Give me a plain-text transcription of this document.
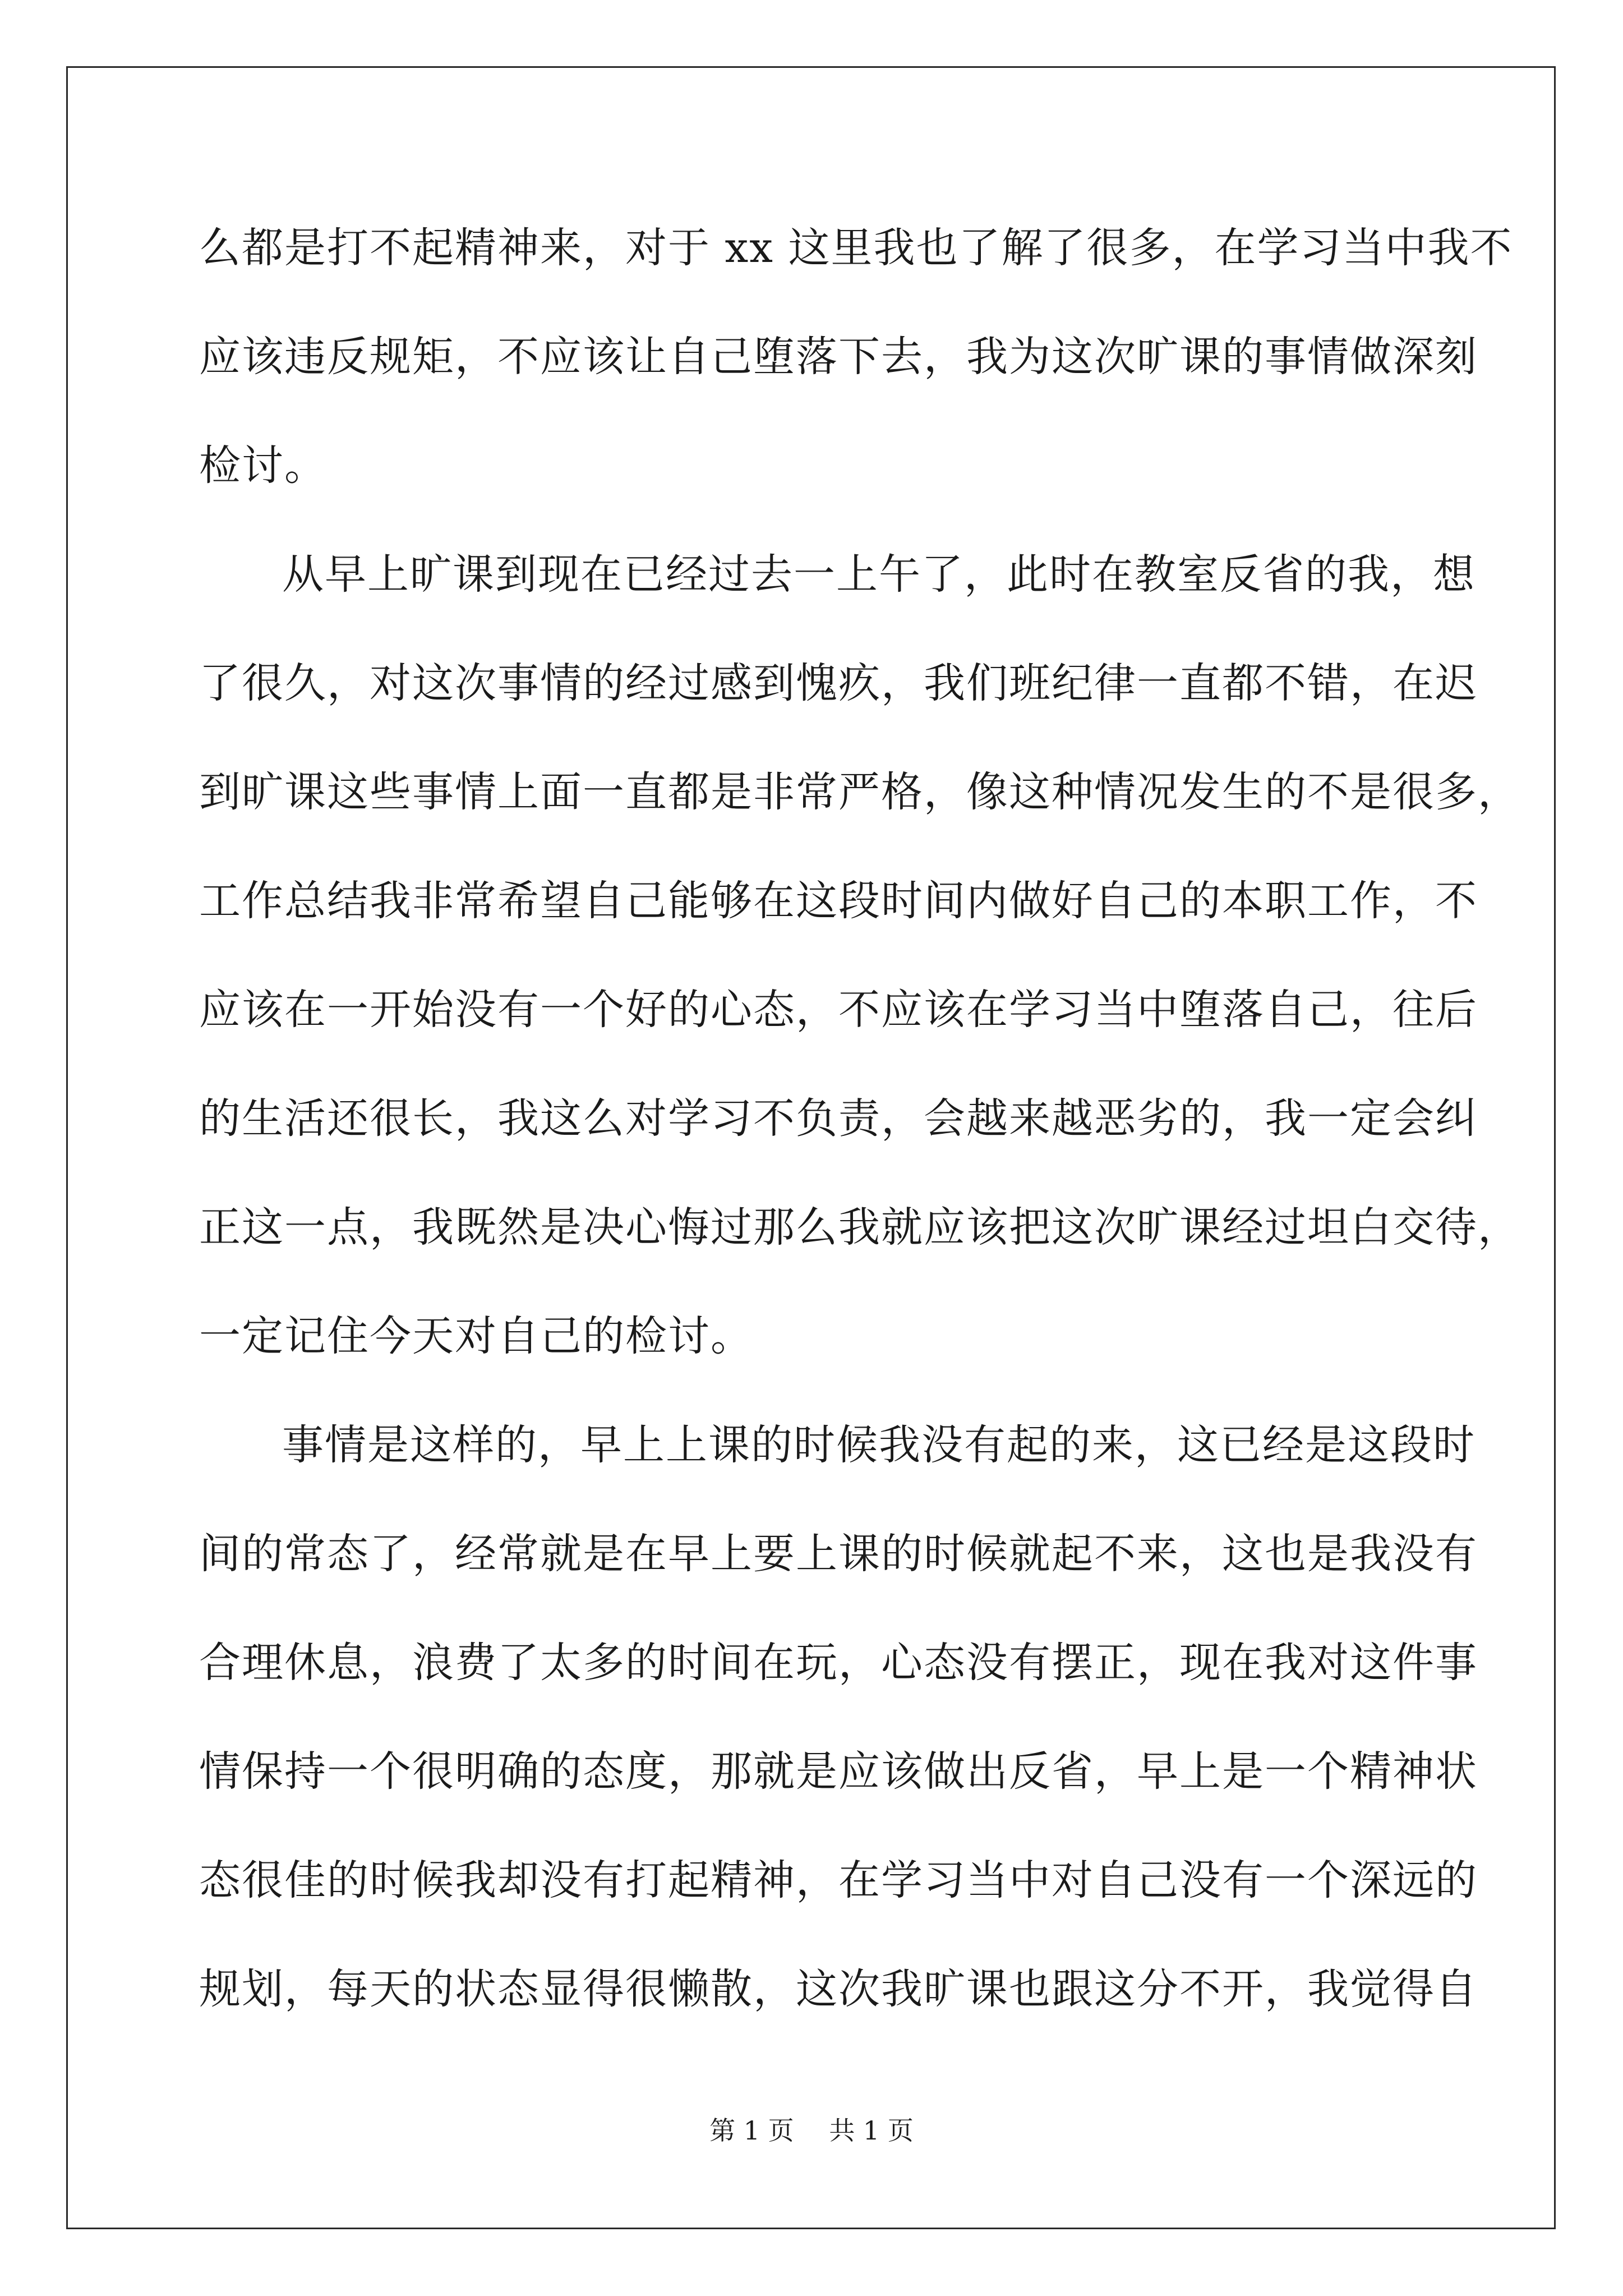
么都是打不起精神来，对于 xx 这里我也了解了很多，在学习当中我不
应该违反规矩，不应该让自己堕落下去，我为这次旷课的事情做深刻
检讨。
从早上旷课到现在已经过去一上午了，此时在教室反省的我，想
了很久，对这次事情的经过感到愧疚，我们班纪律一直都不错，在迟
到旷课这些事情上面一直都是非常严格，像这种情况发生的不是很多，
工作总结我非常希望自己能够在这段时间内做好自己的本职工作，不
应该在一开始没有一个好的心态，不应该在学习当中堕落自己，往后
的生活还很长，我这么对学习不负责，会越来越恶劣的，我一定会纠
正这一点，我既然是决心悔过那么我就应该把这次旷课经过坦白交待，
一定记住今天对自己的检讨。
事情是这样的，早上上课的时候我没有起的来，这已经是这段时
间的常态了，经常就是在早上要上课的时候就起不来，这也是我没有
合理休息，浪费了太多的时间在玩，心态没有摆正，现在我对这件事
情保持一个很明确的态度，那就是应该做出反省，早上是一个精神状
态很佳的时候我却没有打起精神，在学习当中对自己没有一个深远的
规划，每天的状态显得很懒散，这次我旷课也跟这分不开，我觉得自
第 1 页 共 1 页
